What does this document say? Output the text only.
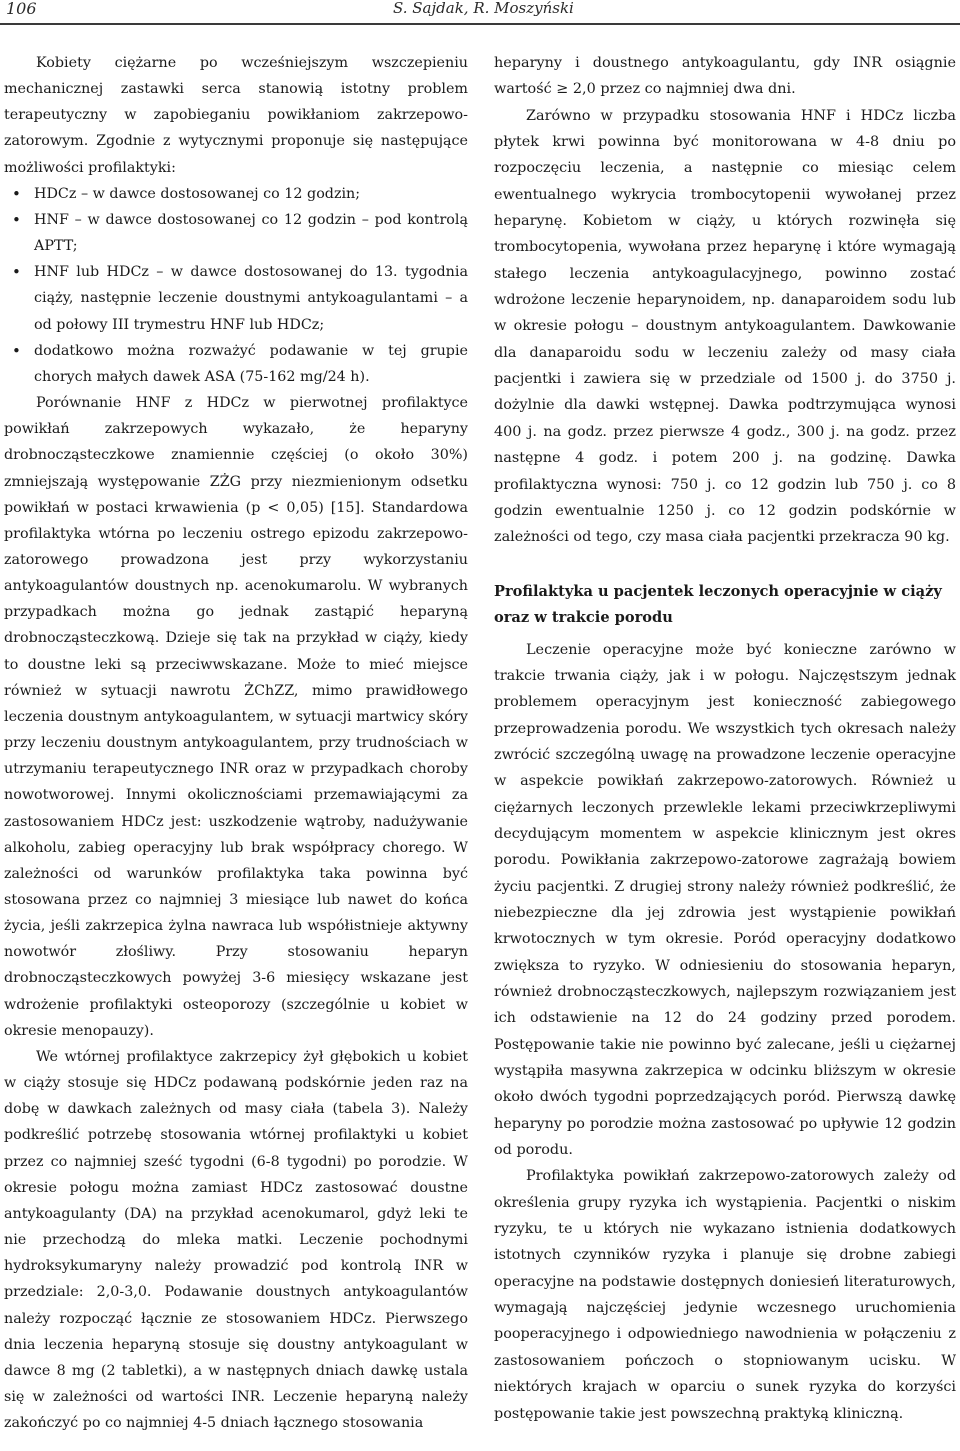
106	S. Sajdak, R. Moszyński

Kobiety ciężarne po wcześniejszym wszczepieniu mechanicznej zastawki serca stanowią istotny problem terapeutyczny w zapobieganiu powikłaniom zakrzepowo-zatorowym. Zgodnie z wytycznymi proponuje się następujące możliwości profilaktyki:

• HDCz – w dawce dostosowanej co 12 godzin;
• HNF – w dawce dostosowanej co 12 godzin – pod kontrolą APTT;
• HNF lub HDCz – w dawce dostosowanej do 13. tygodnia ciąży, następnie leczenie doustnymi antykoagulantami – a od połowy III trymestru HNF lub HDCz;
• dodatkowo można rozważyć podawanie w tej grupie chorych małych dawek ASA (75-162 mg/24 h).

Porównanie HNF z HDCz w pierwotnej profilaktyce powikłań zakrzepowych wykazało, że heparyny drobnocząsteczkowe znamiennie częściej (o około 30%) zmniejszają występowanie ZŻG przy niezmienionym odsetku powikłań w postaci krwawienia (p < 0,05) [15]. Standardowa profilaktyka wtórna po leczeniu ostrego epizodu zakrzepowo-zatorowego prowadzona jest przy wykorzystaniu antykoagulantów doustnych np. acenokumarolu. W wybranych przypadkach można go jednak zastąpić heparyną drobnocząsteczkową. Dzieje się tak na przykład w ciąży, kiedy to doustne leki są przeciwwskazane. Może to mieć miejsce również w sytuacji nawrotu ŻChZZ, mimo prawidłowego leczenia doustnym antykoagulantem, w sytuacji martwicy skóry przy leczeniu doustnym antykoagulantem, przy trudnościach w utrzymaniu terapeutycznego INR oraz w przypadkach choroby nowotworowej. Innymi okolicznościami przemawiającymi za zastosowaniem HDCz jest: uszkodzenie wątroby, nadużywanie alkoholu, zabieg operacyjny lub brak współpracy chorego. W zależności od warunków profilaktyka taka powinna być stosowana przez co najmniej 3 miesiące lub nawet do końca życia, jeśli zakrzepica żylna nawraca lub współistnieje aktywny nowotwór złośliwy. Przy stosowaniu heparyn drobnocząsteczkowych powyżej 3-6 miesięcy wskazane jest wdrożenie profilaktyki osteoporozy (szczególnie u kobiet w okresie menopauzy).

We wtórnej profilaktyce zakrzepicy żył głębokich u kobiet w ciąży stosuje się HDCz podawaną podskórnie jeden raz na dobę w dawkach zależnych od masy ciała (tabela 3). Należy podkreślić potrzebę stosowania wtórnej profilaktyki u kobiet przez co najmniej sześć tygodni (6-8 tygodni) po porodzie. W okresie połogu można zamiast HDCz zastosować doustne antykoagulanty (DA) na przykład acenokumarol, gdyż leki te nie przechodzą do mleka matki. Leczenie pochodnymi hydroksykumaryny należy prowadzić pod kontrolą INR w przedziale: 2,0-3,0. Podawanie doustnych antykoagulantów należy rozpocząć łącznie ze stosowaniem HDCz. Pierwszego dnia leczenia heparyną stosuje się doustny antykoagulant w dawce 8 mg (2 tabletki), a w następnych dniach dawkę ustala się w zależności od wartości INR. Leczenie heparyną należy zakończyć po co najmniej 4-5 dniach łącznego stosowania

heparyny i doustnego antykoagulantu, gdy INR osiągnie wartość ≥ 2,0 przez co najmniej dwa dni.

Zarówno w przypadku stosowania HNF i HDCz liczba płytek krwi powinna być monitorowana w 4-8 dniu po rozpoczęciu leczenia, a następnie co miesiąc celem ewentualnego wykrycia trombocytopenii wywołanej przez heparynę. Kobietom w ciąży, u których rozwinęła się trombocytopenia, wywołana przez heparynę i które wymagają stałego leczenia antykoagulacyjnego, powinno zostać wdrożone leczenie heparynoidem, np. danaparoidem sodu lub w okresie połogu – doustnym antykoagulantem. Dawkowanie dla danaparoidu sodu w leczeniu zależy od masy ciała pacjentki i zawiera się w przedziale od 1500 j. do 3750 j. dożylnie dla dawki wstępnej. Dawka podtrzymująca wynosi 400 j. na godz. przez pierwsze 4 godz., 300 j. na godz. przez następne 4 godz. i potem 200 j. na godzinę. Dawka profilaktyczna wynosi: 750 j. co 12 godzin lub 750 j. co 8 godzin ewentualnie 1250 j. co 12 godzin podskórnie w zależności od tego, czy masa ciała pacjentki przekracza 90 kg.

Profilaktyka u pacjentek leczonych operacyjnie w ciąży oraz w trakcie porodu

Leczenie operacyjne może być konieczne zarówno w trakcie trwania ciąży, jak i w połogu. Najczęstszym jednak problemem operacyjnym jest konieczność zabiegowego przeprowadzenia porodu. We wszystkich tych okresach należy zwrócić szczególną uwagę na prowadzone leczenie operacyjne w aspekcie powikłań zakrzepowo-zatorowych. Również u ciężarnych leczonych przewlekle lekami przeciwkrzepliwymi decydującym momentem w aspekcie klinicznym jest okres porodu. Powikłania zakrzepowo-zatorowe zagrażają bowiem życiu pacjentki. Z drugiej strony należy również podkreślić, że niebezpieczne dla jej zdrowia jest wystąpienie powikłań krwotocznych w tym okresie. Poród operacyjny dodatkowo zwiększa to ryzyko. W odniesieniu do stosowania heparyn, również drobnocząsteczkowych, najlepszym rozwiązaniem jest ich odstawienie na 12 do 24 godziny przed porodem. Postępowanie takie nie powinno być zalecane, jeśli u ciężarnej wystąpiła masywna zakrzepica w odcinku bliższym w okresie około dwóch tygodni poprzedzających poród. Pierwszą dawkę heparyny po porodzie można zastosować po upływie 12 godzin od porodu.

Profilaktyka powikłań zakrzepowo-zatorowych zależy od określenia grupy ryzyka ich wystąpienia. Pacjentki o niskim ryzyku, te u których nie wykazano istnienia dodatkowych istotnych czynników ryzyka i planuje się drobne zabiegi operacyjne na podstawie dostępnych doniesień literaturowych, wymagają najczęściej jedynie wczesnego uruchomienia pooperacyjnego i odpowiedniego nawodnienia w połączeniu z zastosowaniem pończoch o stopniowanym ucisku. W niektórych krajach w oparciu o sunek ryzyka do korzyści postępowanie takie jest powszechną praktyką kliniczną.
